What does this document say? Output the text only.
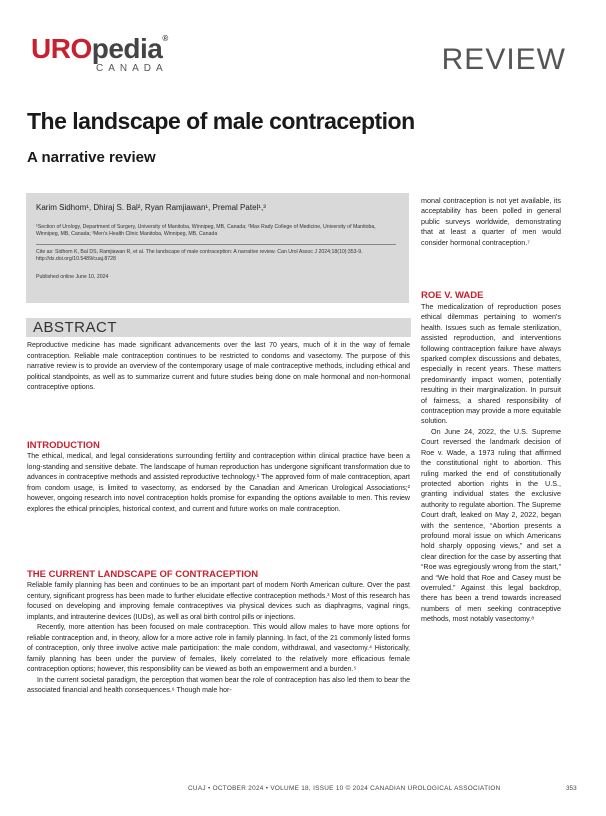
UROpedia®
CANADA	REVIEW
The landscape of male contraception
A narrative review
Karim Sidhom¹, Dhiraj S. Bal², Ryan Ramjiawan¹, Premal Patel¹,³
¹Section of Urology, Department of Surgery, University of Manitoba, Winnipeg, MB, Canada; ²Max Rady College of Medicine, University of Manitoba, Winnipeg, MB, Canada; ³Men's Health Clinic Manitoba, Winnipeg, MB, Canada
Cite as: Sidhom K, Bal DS, Ramjiawan R, et al. The landscape of male contraception: A narrative review. Can Urol Assoc J 2024;18(10):353-9. http://dx.doi.org/10.5489/cuaj.8728
Published online June 10, 2024
ABSTRACT
Reproductive medicine has made significant advancements over the last 70 years, much of it in the way of female contraception. Reliable male contraception continues to be restricted to condoms and vasectomy. The purpose of this narrative review is to provide an overview of the contemporary usage of male contraceptive methods, including ethical and political standpoints, as well as to summarize current and future studies being done on male hormonal and non-hormonal contraceptive options.
INTRODUCTION

The ethical, medical, and legal considerations surrounding fertility and contraception within clinical practice have been a long-standing and sensitive debate. The landscape of human reproduction has undergone significant transformation due to advances in contraceptive methods and assisted reproductive technology.¹ The approved form of male contraception, apart from condom usage, is limited to vasectomy, as endorsed by the Canadian and American Urological Associations;² however, ongoing research into novel contraception holds promise for expanding the options available to men. This review explores the ethical principles, historical context, and current and future works on male contraception.

THE CURRENT LANDSCAPE OF CONTRACEPTION

Reliable family planning has been and continues to be an important part of modern North American culture. Over the past century, significant progress has been made to further elucidate effective contraception methods.³ Most of this research has focused on developing and improving female contraceptives via physical devices such as diaphragms, vaginal rings, implants, and intrauterine devices (IUDs), as well as oral birth control pills or injections.

Recently, more attention has been focused on male contraception. This would allow males to have more options for reliable contraception and, in theory, allow for a more active role in family planning. In fact, of the 21 commonly listed forms of contraception, only three involve active male participation: the male condom, withdrawal, and vasectomy.⁴ Historically, family planning has been under the purview of females, likely correlated to the relatively more efficacious female contraception options; however, this responsibility can be viewed as both an empowerment and a burden.⁵

In the current societal paradigm, the perception that women bear the role of contraception has also led them to bear the associated financial and health consequences.⁶ Though male hor-

monal contraception is not yet available, its acceptability has been polled in general public surveys worldwide, demonstrating that at least a quarter of men would consider hormonal contraception.⁷

ROE V. WADE

The medicalization of reproduction poses ethical dilemmas pertaining to women's health. Issues such as female sterilization, assisted reproduction, and interventions following contraception failure have always sparked complex discussions and debates, especially in recent years. These matters predominantly impact women, potentially resulting in their marginalization. In pursuit of fairness, a shared responsibility of contraception may provide a more equitable solution.

On June 24, 2022, the U.S. Supreme Court reversed the landmark decision of Roe v. Wade, a 1973 ruling that affirmed the constitutional right to abortion. This ruling marked the end of constitutionally protected abortion rights in the U.S., granting individual states the exclusive authority to regulate abortion. The Supreme Court draft, leaked on May 2, 2022, began with the sentence, “Abortion presents a profound moral issue on which Americans hold sharply opposing views,” and set a clear direction for the case by asserting that “Roe was egregiously wrong from the start,” and “We hold that Roe and Casey must be overruled.” Against this legal backdrop, there has been a trend towards increased numbers of men seeking contraceptive methods, most notably vasectomy.⁸

CUAJ • OCTOBER 2024 • VOLUME 18, ISSUE 10 © 2024 CANADIAN UROLOGICAL ASSOCIATION	353
